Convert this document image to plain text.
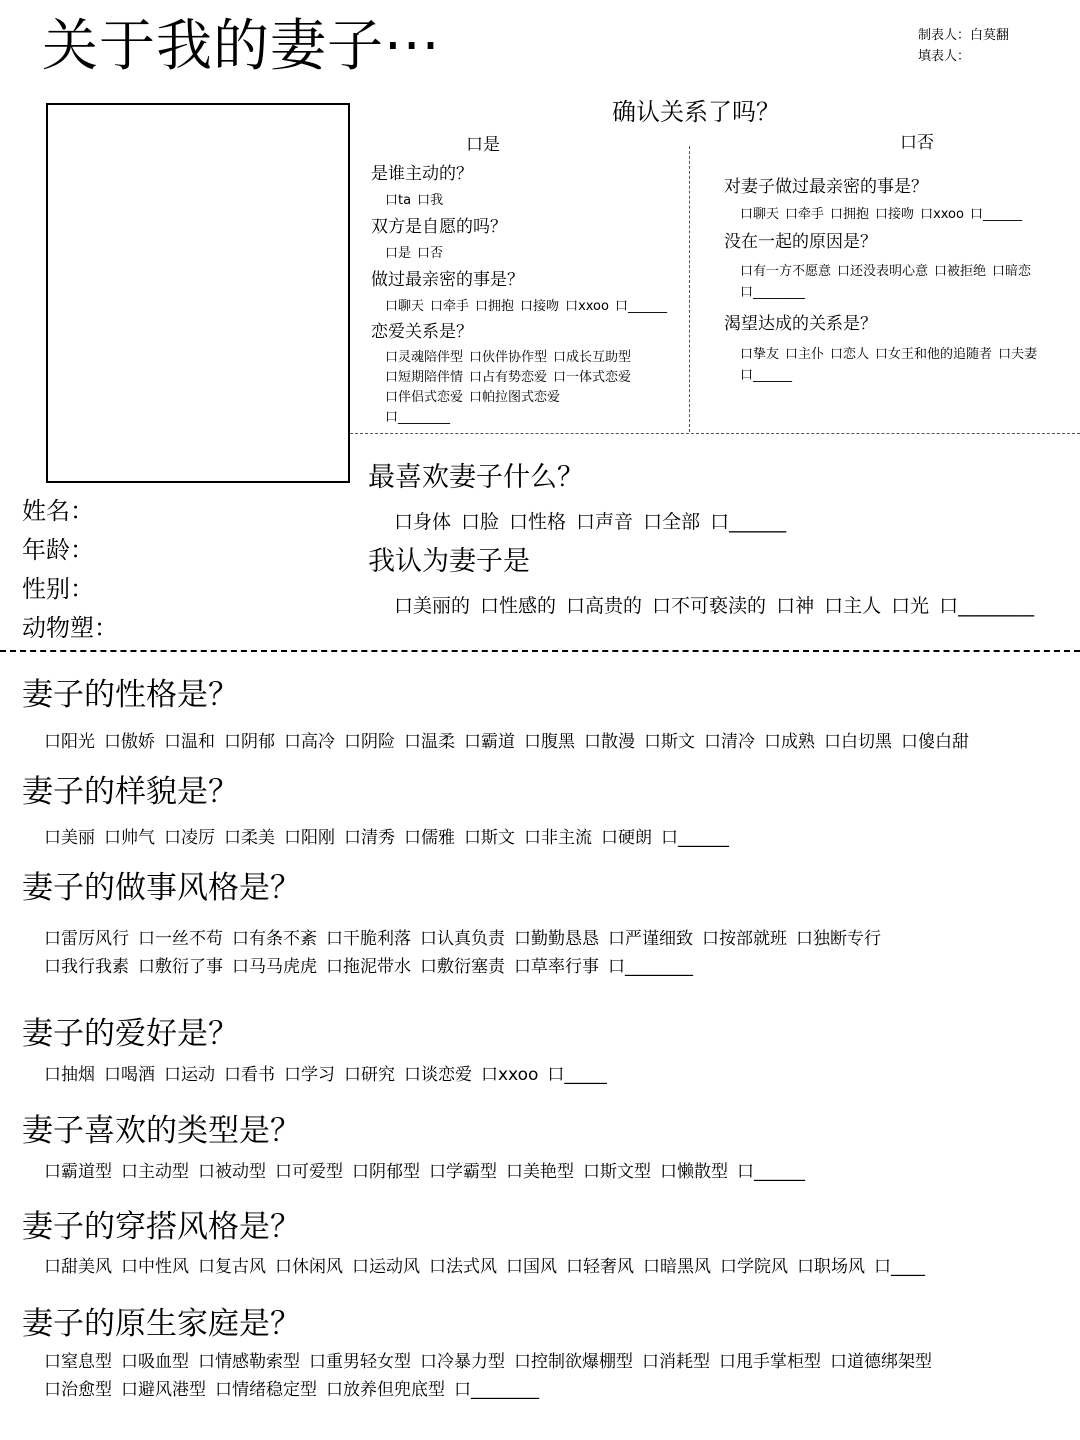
关于我的妻子···	制表人：白莫翻
填表人：
姓名：
年龄：
性别：
动物塑：
确认关系了吗？
口是	口否
是谁主动的？
口ta 口我
双方是自愿的吗？
口是 口否
做过最亲密的事是？
口聊天 口牵手 口拥抱 口接吻 口xxoo 口______
恋爱关系是？
口灵魂陪伴型 口伙伴协作型 口成长互助型
口短期陪伴情 口占有势恋爱 口一体式恋爱
口伴侣式恋爱 口帕拉图式恋爱
口________
对妻子做过最亲密的事是？
口聊天 口牵手 口拥抱 口接吻 口xxoo 口______
没在一起的原因是？
口有一方不愿意 口还没表明心意 口被拒绝 口暗恋
口________
渴望达成的关系是？
口挚友 口主仆 口恋人 口女王和他的追随者 口夫妻
口______
最喜欢妻子什么？
口身体 口脸 口性格 口声音 口全部 口______
我认为妻子是
口美丽的 口性感的 口高贵的 口不可亵渎的 口神 口主人 口光 口________
妻子的性格是？
口阳光 口傲娇 口温和 口阴郁 口高冷 口阴险 口温柔 口霸道 口腹黑 口散漫 口斯文 口清冷 口成熟 口白切黑 口傻白甜
妻子的样貌是？
口美丽 口帅气 口凌厉 口柔美 口阳刚 口清秀 口儒雅 口斯文 口非主流 口硬朗 口______
妻子的做事风格是？
口雷厉风行 口一丝不苟 口有条不紊 口干脆利落 口认真负责 口勤勤恳恳 口严谨细致 口按部就班 口独断专行
口我行我素 口敷衍了事 口马马虎虎 口拖泥带水 口敷衍塞责 口草率行事 口________
妻子的爱好是？
口抽烟 口喝酒 口运动 口看书 口学习 口研究 口谈恋爱 口xxoo 口_____
妻子喜欢的类型是？
口霸道型 口主动型 口被动型 口可爱型 口阴郁型 口学霸型 口美艳型 口斯文型 口懒散型 口______
妻子的穿搭风格是？
口甜美风 口中性风 口复古风 口休闲风 口运动风 口法式风 口国风 口轻奢风 口暗黑风 口学院风 口职场风 口____
妻子的原生家庭是？
口窒息型 口吸血型 口情感勒索型 口重男轻女型 口冷暴力型 口控制欲爆棚型 口消耗型 口甩手掌柜型 口道德绑架型
口治愈型 口避风港型 口情绪稳定型 口放养但兜底型 口________
